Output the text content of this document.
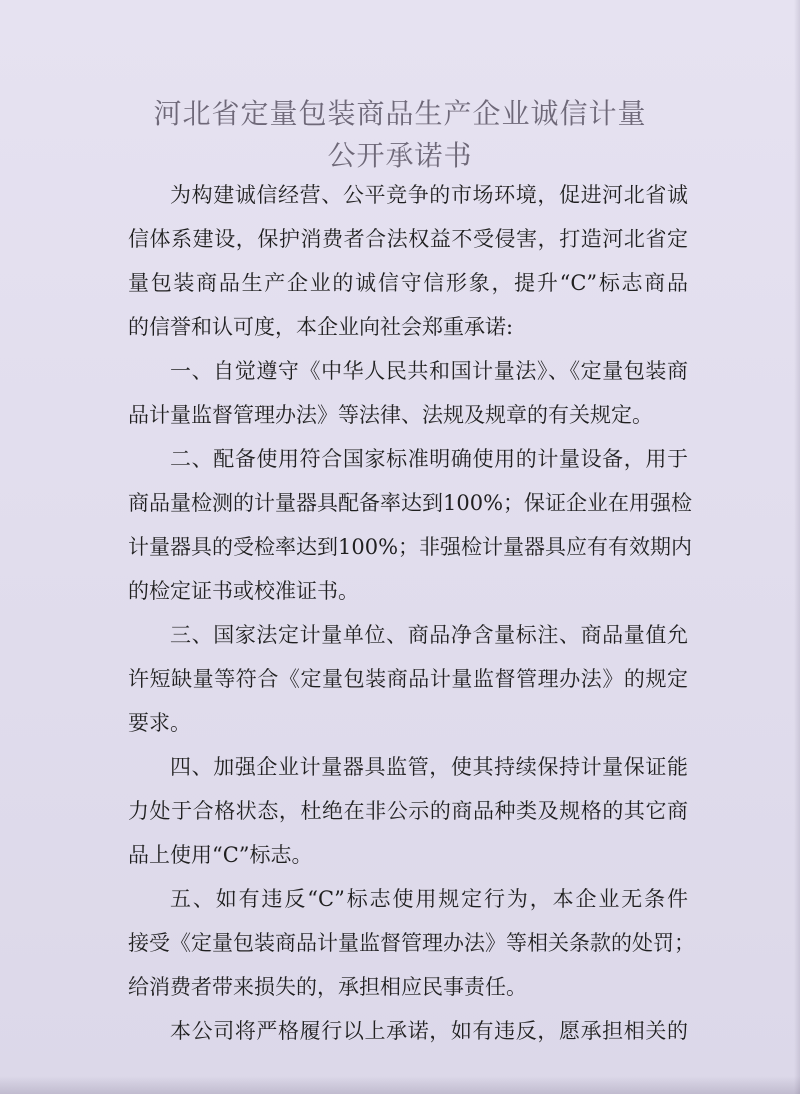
河北省定量包装商品生产企业诚信计量
公开承诺书

为构建诚信经营、公平竞争的市场环境，促进河北省诚

信体系建设，保护消费者合法权益不受侵害，打造河北省定

量包装商品生产企业的诚信守信形象，提升“C”标志商品

的信誉和认可度，本企业向社会郑重承诺:

一、自觉遵守《中华人民共和国计量法》、《定量包装商

品计量监督管理办法》等法律、法规及规章的有关规定。

二、配备使用符合国家标准明确使用的计量设备，用于

商品量检测的计量器具配备率达到100%；保证企业在用强检

计量器具的受检率达到100%；非强检计量器具应有有效期内

的检定证书或校准证书。

三、国家法定计量单位、商品净含量标注、商品量值允

许短缺量等符合《定量包装商品计量监督管理办法》的规定

要求。

四、加强企业计量器具监管，使其持续保持计量保证能

力处于合格状态，杜绝在非公示的商品种类及规格的其它商

品上使用“C”标志。

五、如有违反“C”标志使用规定行为，本企业无条件

接受《定量包装商品计量监督管理办法》等相关条款的处罚；

给消费者带来损失的，承担相应民事责任。

本公司将严格履行以上承诺，如有违反，愿承担相关的
